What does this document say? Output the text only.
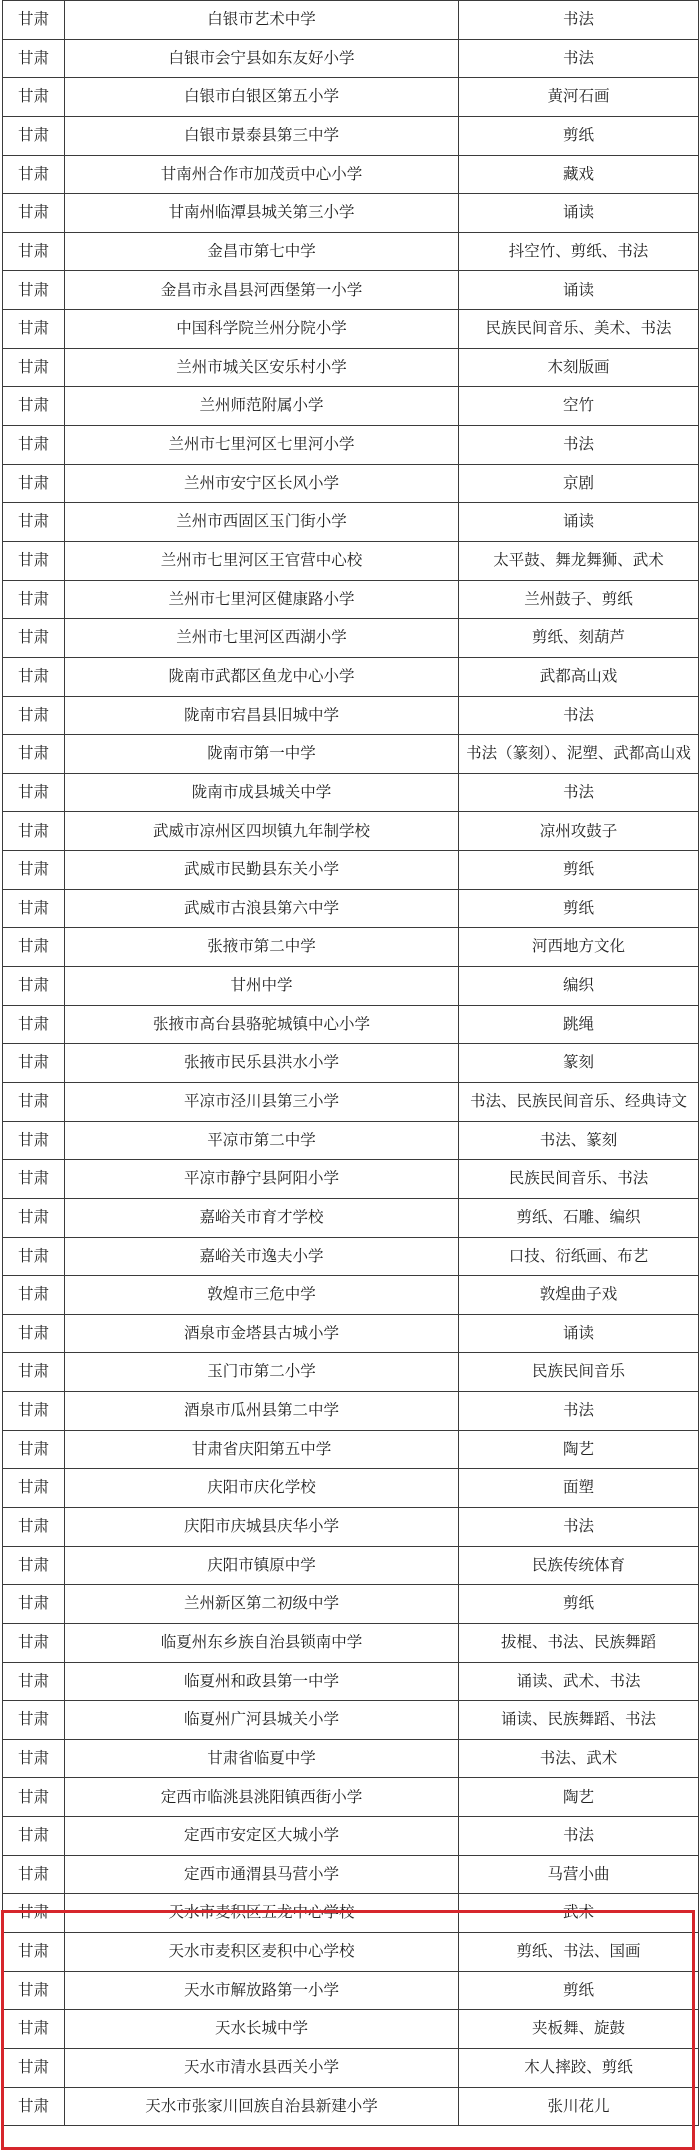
甘肃	白银市艺术中学	书法
甘肃	白银市会宁县如东友好小学	书法
甘肃	白银市白银区第五小学	黄河石画
甘肃	白银市景泰县第三中学	剪纸
甘肃	甘南州合作市加茂贡中心小学	藏戏
甘肃	甘南州临潭县城关第三小学	诵读
甘肃	金昌市第七中学	抖空竹、剪纸、书法
甘肃	金昌市永昌县河西堡第一小学	诵读
甘肃	中国科学院兰州分院小学	民族民间音乐、美术、书法
甘肃	兰州市城关区安乐村小学	木刻版画
甘肃	兰州师范附属小学	空竹
甘肃	兰州市七里河区七里河小学	书法
甘肃	兰州市安宁区长风小学	京剧
甘肃	兰州市西固区玉门街小学	诵读
甘肃	兰州市七里河区王官营中心校	太平鼓、舞龙舞狮、武术
甘肃	兰州市七里河区健康路小学	兰州鼓子、剪纸
甘肃	兰州市七里河区西湖小学	剪纸、刻葫芦
甘肃	陇南市武都区鱼龙中心小学	武都高山戏
甘肃	陇南市宕昌县旧城中学	书法
甘肃	陇南市第一中学	书法（篆刻）、泥塑、武都高山戏
甘肃	陇南市成县城关中学	书法
甘肃	武威市凉州区四坝镇九年制学校	凉州攻鼓子
甘肃	武威市民勤县东关小学	剪纸
甘肃	武威市古浪县第六中学	剪纸
甘肃	张掖市第二中学	河西地方文化
甘肃	甘州中学	编织
甘肃	张掖市高台县骆驼城镇中心小学	跳绳
甘肃	张掖市民乐县洪水小学	篆刻
甘肃	平凉市泾川县第三小学	书法、民族民间音乐、经典诗文
甘肃	平凉市第二中学	书法、篆刻
甘肃	平凉市静宁县阿阳小学	民族民间音乐、书法
甘肃	嘉峪关市育才学校	剪纸、石雕、编织
甘肃	嘉峪关市逸夫小学	口技、衍纸画、布艺
甘肃	敦煌市三危中学	敦煌曲子戏
甘肃	酒泉市金塔县古城小学	诵读
甘肃	玉门市第二小学	民族民间音乐
甘肃	酒泉市瓜州县第二中学	书法
甘肃	甘肃省庆阳第五中学	陶艺
甘肃	庆阳市庆化学校	面塑
甘肃	庆阳市庆城县庆华小学	书法
甘肃	庆阳市镇原中学	民族传统体育
甘肃	兰州新区第二初级中学	剪纸
甘肃	临夏州东乡族自治县锁南中学	拔棍、书法、民族舞蹈
甘肃	临夏州和政县第一中学	诵读、武术、书法
甘肃	临夏州广河县城关小学	诵读、民族舞蹈、书法
甘肃	甘肃省临夏中学	书法、武术
甘肃	定西市临洮县洮阳镇西街小学	陶艺
甘肃	定西市安定区大城小学	书法
甘肃	定西市通渭县马营小学	马营小曲
甘肃	天水市麦积区五龙中心学校	武术
甘肃	天水市麦积区麦积中心学校	剪纸、书法、国画
甘肃	天水市解放路第一小学	剪纸
甘肃	天水长城中学	夹板舞、旋鼓
甘肃	天水市清水县西关小学	木人摔跤、剪纸
甘肃	天水市张家川回族自治县新建小学	张川花儿
